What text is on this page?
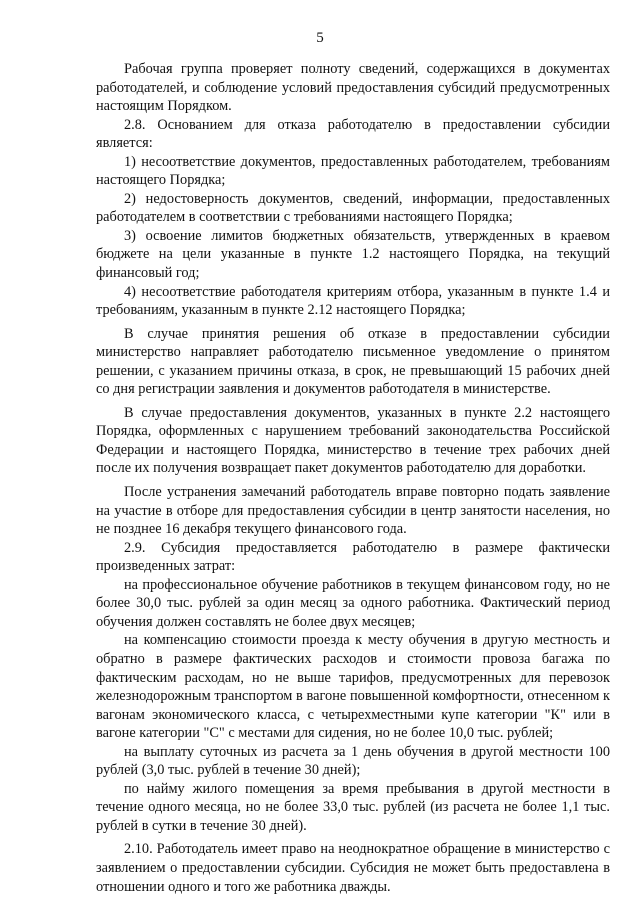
5

Рабочая группа проверяет полноту сведений, содержащихся в документах работодателей, и соблюдение условий предоставления субсидий предусмотренных настоящим Порядком.

2.8. Основанием для отказа работодателю в предоставлении субсидии является:

1) несоответствие документов, предоставленных работодателем, требованиям настоящего Порядка;

2) недостоверность документов, сведений, информации, предоставленных работодателем в соответствии с требованиями настоящего Порядка;

3) освоение лимитов бюджетных обязательств, утвержденных в краевом бюджете на цели указанные в пункте 1.2 настоящего Порядка, на текущий финансовый год;

4) несоответствие работодателя критериям отбора, указанным в пункте 1.4 и требованиям, указанным в пункте 2.12 настоящего Порядка;

В случае принятия решения об отказе в предоставлении субсидии министерство направляет работодателю письменное уведомление о принятом решении, с указанием причины отказа, в срок, не превышающий 15 рабочих дней со дня регистрации заявления и документов работодателя в министерстве.

В случае предоставления документов, указанных в пункте 2.2 настоящего Порядка, оформленных с нарушением требований законодательства Российской Федерации и настоящего Порядка, министерство в течение трех рабочих дней после их получения возвращает пакет документов работодателю для доработки.

После устранения замечаний работодатель вправе повторно подать заявление на участие в отборе для предоставления субсидии в центр занятости населения, но не позднее 16 декабря текущего финансового года.

2.9. Субсидия предоставляется работодателю в размере фактически произведенных затрат:

на профессиональное обучение работников в текущем финансовом году, но не более 30,0 тыс. рублей за один месяц за одного работника. Фактический период обучения должен составлять не более двух месяцев;

на компенсацию стоимости проезда к месту обучения в другую местность и обратно в размере фактических расходов и стоимости провоза багажа по фактическим расходам, но не выше тарифов, предусмотренных для перевозок железнодорожным транспортом в вагоне повышенной комфортности, отнесенном к вагонам экономического класса, с четырехместными купе категории "К" или в вагоне категории "С" с местами для сидения, но не более 10,0 тыс. рублей;

на выплату суточных из расчета за 1 день обучения в другой местности 100 рублей (3,0 тыс. рублей в течение 30 дней);

по найму жилого помещения за время пребывания в другой местности в течение одного месяца, но не более 33,0 тыс. рублей (из расчета не более 1,1 тыс. рублей в сутки в течение 30 дней).

2.10. Работодатель имеет право на неоднократное обращение в министерство с заявлением о предоставлении субсидии. Субсидия не может быть предоставлена в отношении одного и того же работника дважды.
